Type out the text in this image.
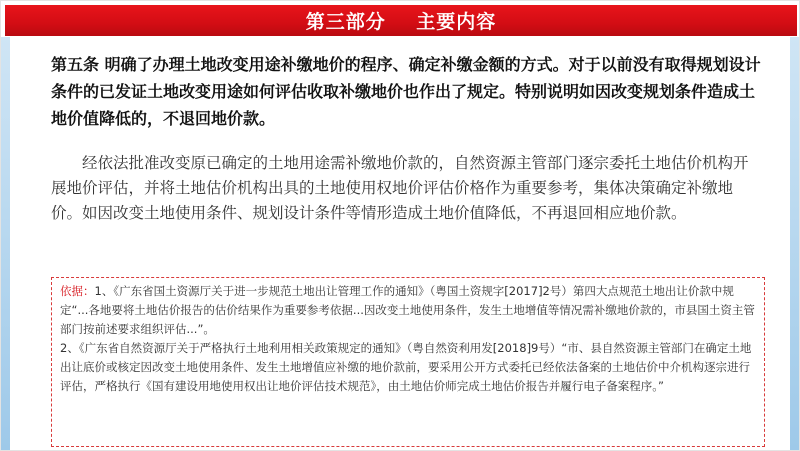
第三部分    主要内容
第五条 明确了办理土地改变用途补缴地价的程序、确定补缴金额的方式。对于以前没有取得规划设计条件的已发证土地改变用途如何评估收取补缴地价也作出了规定。特别说明如因改变规划条件造成土地价值降低的，不退回地价款。
经依法批准改变原已确定的土地用途需补缴地价款的，自然资源主管部门逐宗委托土地估价机构开展地价评估，并将土地估价机构出具的土地使用权地价评估价格作为重要参考，集体决策确定补缴地价。如因改变土地使用条件、规划设计条件等情形造成土地价值降低，不再退回相应地价款。

依据：1、《广东省国土资源厅关于进一步规范土地出让管理工作的通知》（粤国土资规字[2017]2号）第四大点规范土地出让价款中规定“...各地要将土地估价报告的估价结果作为重要参考依据...因改变土地使用条件，发生土地增值等情况需补缴地价款的，市县国土资主管部门按前述要求组织评估...”。

2、《广东省自然资源厅关于严格执行土地利用相关政策规定的通知》（粤自然资利用发[2018]9号）“市、县自然资源主管部门在确定土地出让底价或核定因改变土地使用条件、发生土地增值应补缴的地价款前，要采用公开方式委托已经依法备案的土地估价中介机构逐宗进行评估，严格执行《国有建设用地使用权出让地价评估技术规范》，由土地估价师完成土地估价报告并履行电子备案程序。”
